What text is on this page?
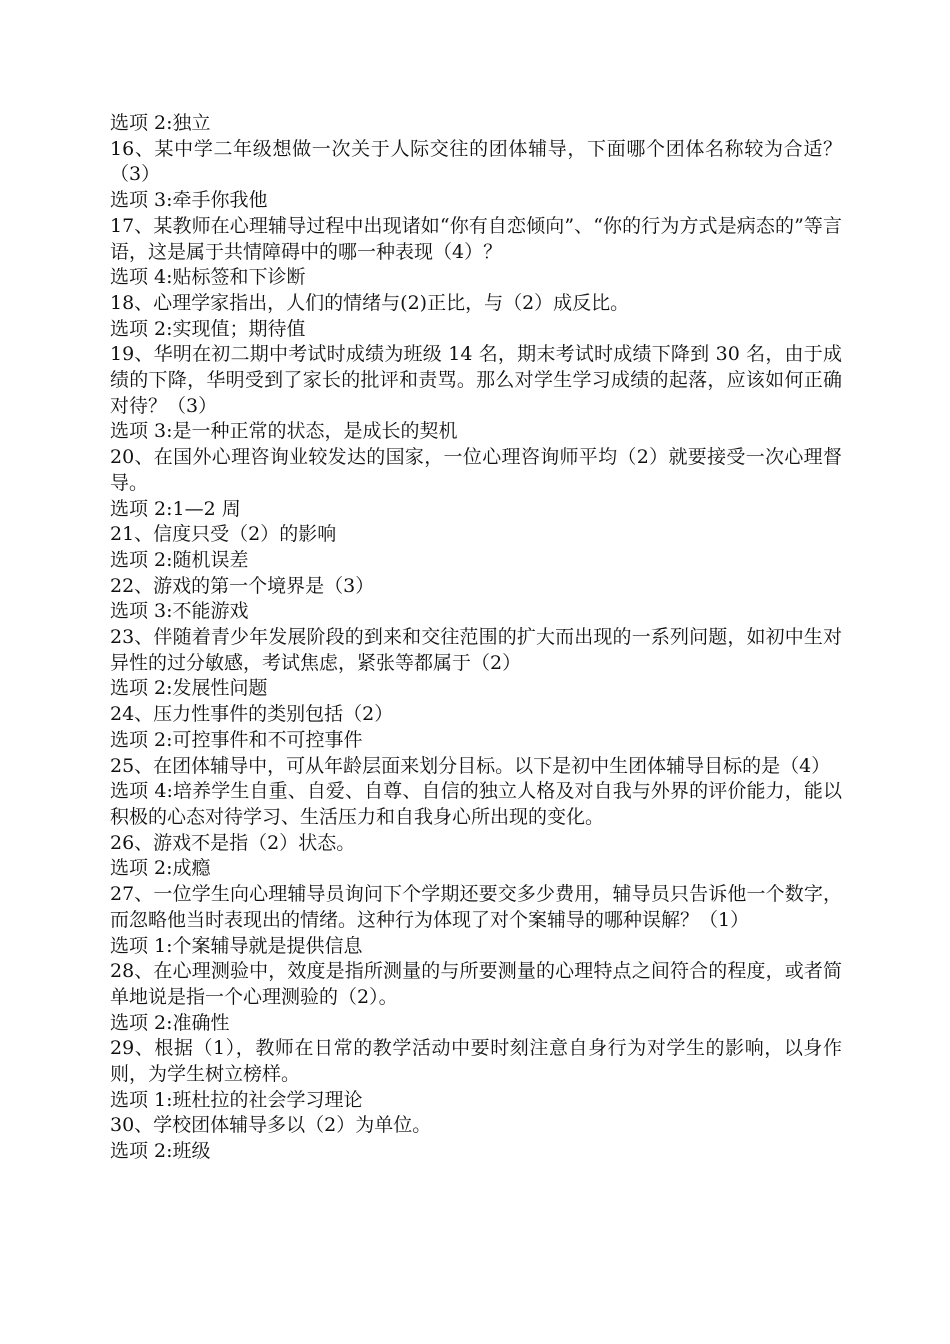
选项 2:独立
16、某中学二年级想做一次关于人际交往的团体辅导，下面哪个团体名称较为合适？（3）
选项 3:牵手你我他
17、某教师在心理辅导过程中出现诸如“你有自恋倾向”、“你的行为方式是病态的”等言语，这是属于共情障碍中的哪一种表现（4）？
选项 4:贴标签和下诊断
18、心理学家指出，人们的情绪与(2)正比，与（2）成反比。
选项 2:实现值；期待值
19、华明在初二期中考试时成绩为班级 14 名，期末考试时成绩下降到 30 名，由于成绩的下降，华明受到了家长的批评和责骂。那么对学生学习成绩的起落，应该如何正确对待？（3）
选项 3:是一种正常的状态，是成长的契机
20、在国外心理咨询业较发达的国家，一位心理咨询师平均（2）就要接受一次心理督导。
选项 2:1—2 周
21、信度只受（2）的影响
选项 2:随机误差
22、游戏的第一个境界是（3）
选项 3:不能游戏
23、伴随着青少年发展阶段的到来和交往范围的扩大而出现的一系列问题，如初中生对异性的过分敏感，考试焦虑，紧张等都属于（2）
选项 2:发展性问题
24、压力性事件的类别包括（2）
选项 2:可控事件和不可控事件
25、在团体辅导中，可从年龄层面来划分目标。以下是初中生团体辅导目标的是（4）
选项 4:培养学生自重、自爱、自尊、自信的独立人格及对自我与外界的评价能力，能以积极的心态对待学习、生活压力和自我身心所出现的变化。
26、游戏不是指（2）状态。
选项 2:成瘾
27、一位学生向心理辅导员询问下个学期还要交多少费用，辅导员只告诉他一个数字，而忽略他当时表现出的情绪。这种行为体现了对个案辅导的哪种误解？（1）
选项 1:个案辅导就是提供信息
28、在心理测验中，效度是指所测量的与所要测量的心理特点之间符合的程度，或者简单地说是指一个心理测验的（2）。
选项 2:准确性
29、根据（1），教师在日常的教学活动中要时刻注意自身行为对学生的影响，以身作则，为学生树立榜样。
选项 1:班杜拉的社会学习理论
30、学校团体辅导多以（2）为单位。
选项 2:班级
